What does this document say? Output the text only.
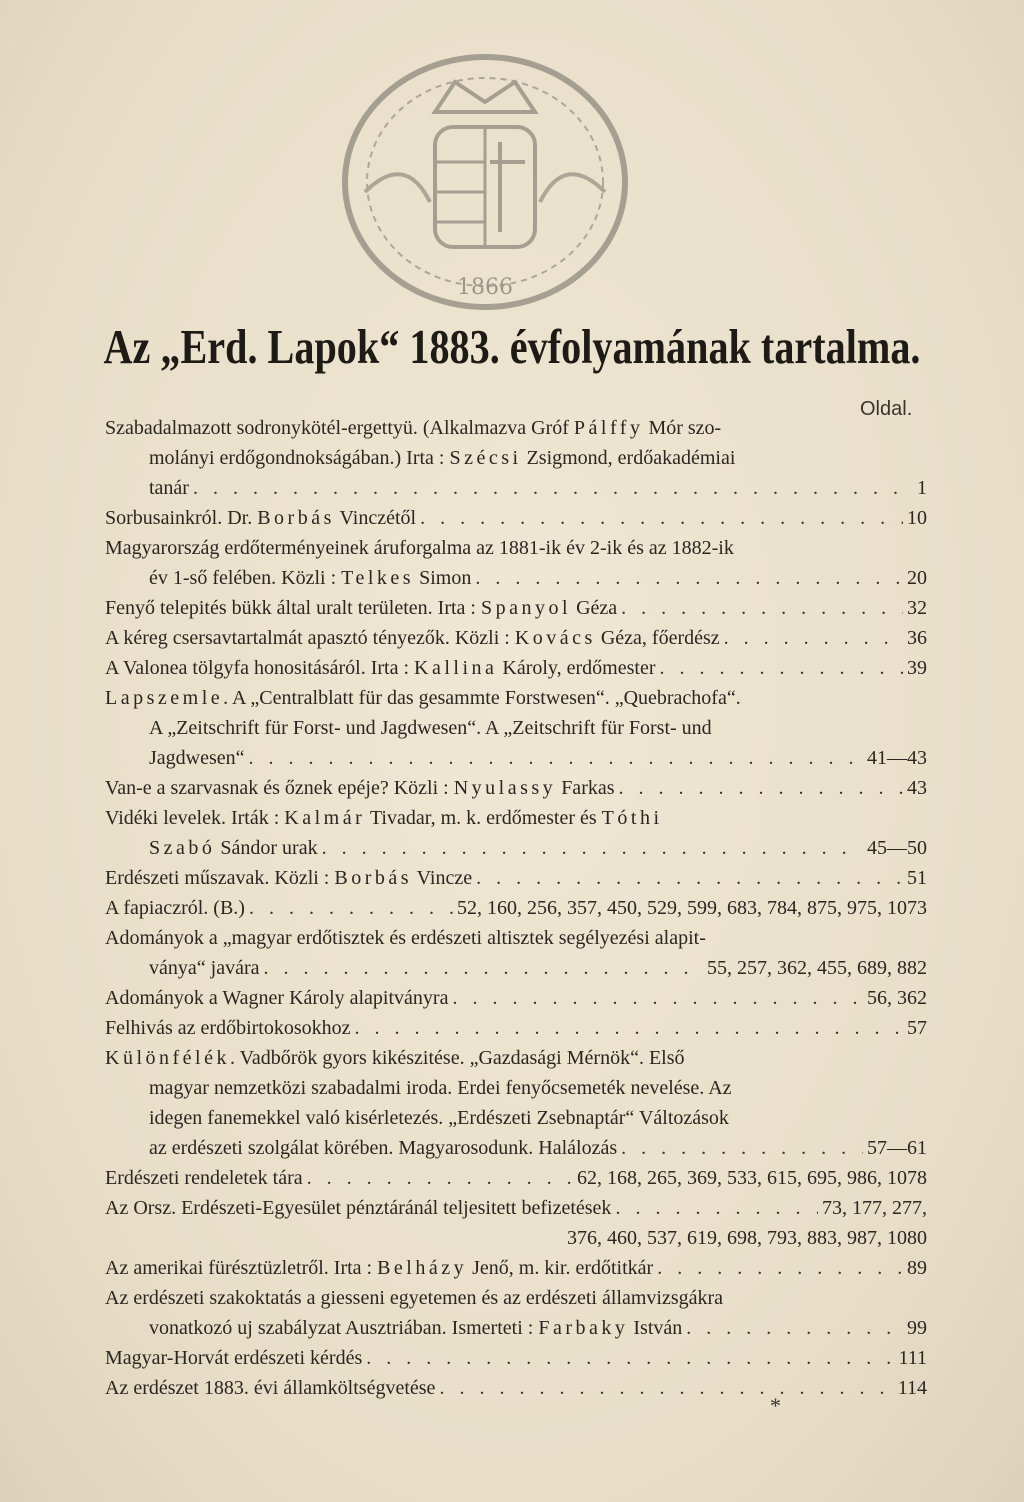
1866
Az „Erd. Lapok“ 1883. évfolyamának tartalma.
Oldal.
Szabadalmazott sodronykötél-ergettyü. (Alkalmazva Gróf Pálffy Mór szo-
molányi erdőgondnokságában.) Irta : Szécsi Zsigmond, erdőakadémiai
tanár . . .	1
Sorbusainkról. Dr. Borbás Vinczétől . . .	10
Magyarország erdőterményeinek áruforgalma az 1881-ik év 2-ik és az 1882-ik
év 1-ső felében. Közli : Telkes Simon . . .	20
Fenyő telepités bükk által uralt területen. Irta : Spanyol Géza . . .	32
A kéreg csersavtartalmát apasztó tényezők. Közli : Kovács Géza, főerdész . . .	36
A Valonea tölgyfa honositásáról. Irta : Kallina Károly, erdőmester . . .	39
Lapszemle. A „Centralblatt für das gesammte Forstwesen“. „Quebrachofa“.
A „Zeitschrift für Forst- und Jagdwesen“. A „Zeitschrift für Forst- und
Jagdwesen“ . . .	41—43
Van-e a szarvasnak és őznek epéje? Közli : Nyulassy Farkas . . .	43
Vidéki levelek. Irták : Kalmár Tivadar, m. k. erdőmester és Tóthi
Szabó Sándor urak . . .	45—50
Erdészeti műszavak. Közli : Borbás Vincze . . .	51
A fapiaczról. (B.) . . .	52, 160, 256, 357, 450, 529, 599, 683, 784, 875, 975, 1073
Adományok a „magyar erdőtisztek és erdészeti altisztek segélyezési alapit-
ványa“ javára . . .	55, 257, 362, 455, 689, 882
Adományok a Wagner Károly alapitványra . . .	56, 362
Felhivás az erdőbirtokosokhoz . . .	57
Különfélék. Vadbőrök gyors kikészitése. „Gazdasági Mérnök“. Első
magyar nemzetközi szabadalmi iroda. Erdei fenyőcsemeték nevelése. Az
idegen fanemekkel való kisérletezés. „Erdészeti Zsebnaptár“ Változások
az erdészeti szolgálat körében. Magyarosodunk. Halálozás . . .	57—61
Erdészeti rendeletek tára . . .	62, 168, 265, 369, 533, 615, 695, 986, 1078
Az Orsz. Erdészeti-Egyesület pénztáránál teljesitett befizetések . . .	73, 177, 277,
376, 460, 537, 619, 698, 793, 883, 987, 1080
Az amerikai fürésztüzletről. Irta : Belházy Jenő, m. kir. erdőtitkár . . .	89
Az erdészeti szakoktatás a giesseni egyetemen és az erdészeti államvizsgákra
vonatkozó uj szabályzat Ausztriában. Ismerteti : Farbaky István . . .	99
Magyar-Horvát erdészeti kérdés . . .	111
Az erdészet 1883. évi államköltségvetése . . .	114
*
